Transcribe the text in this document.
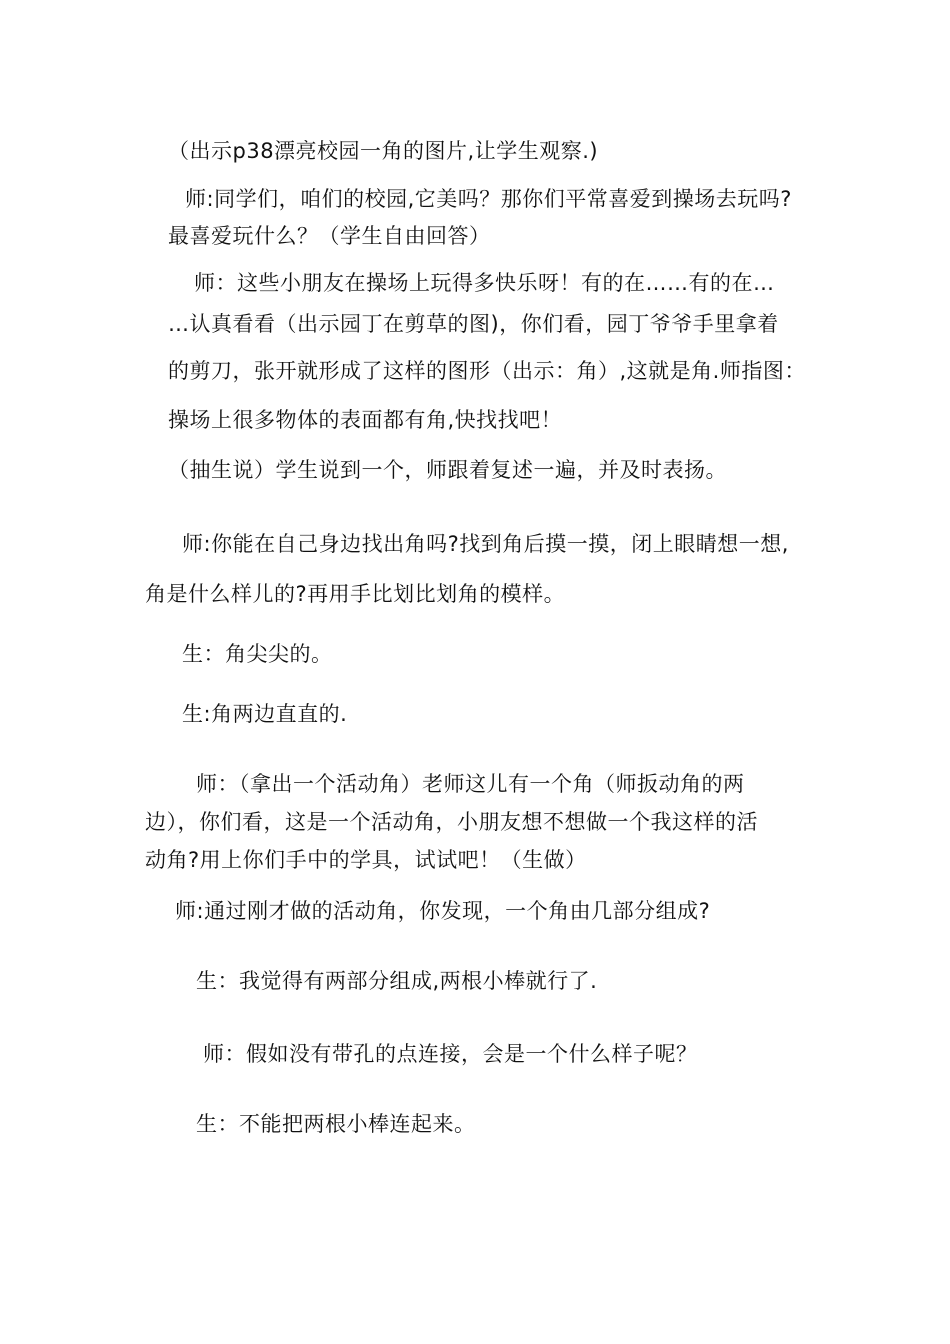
（出示p38漂亮校园一角的图片,让学生观察.)
师:同学们，咱们的校园,它美吗？那你们平常喜爱到操场去玩吗?
最喜爱玩什么？（学生自由回答）
师：这些小朋友在操场上玩得多快乐呀！有的在……有的在…
…认真看看（出示园丁在剪草的图)，你们看，园丁爷爷手里拿着
的剪刀，张开就形成了这样的图形（出示：角）,这就是角.师指图：
操场上很多物体的表面都有角,快找找吧！
（抽生说）学生说到一个，师跟着复述一遍，并及时表扬。
师:你能在自己身边找出角吗?找到角后摸一摸，闭上眼睛想一想,
角是什么样儿的?再用手比划比划角的模样。
生：角尖尖的。
生:角两边直直的.
师：（拿出一个活动角）老师这儿有一个角（师扳动角的两
边），你们看，这是一个活动角，小朋友想不想做一个我这样的活
动角?用上你们手中的学具，试试吧！（生做）
师:通过刚才做的活动角，你发现，一个角由几部分组成?
生：我觉得有两部分组成,两根小棒就行了.
师：假如没有带孔的点连接，会是一个什么样子呢？
生：不能把两根小棒连起来。
